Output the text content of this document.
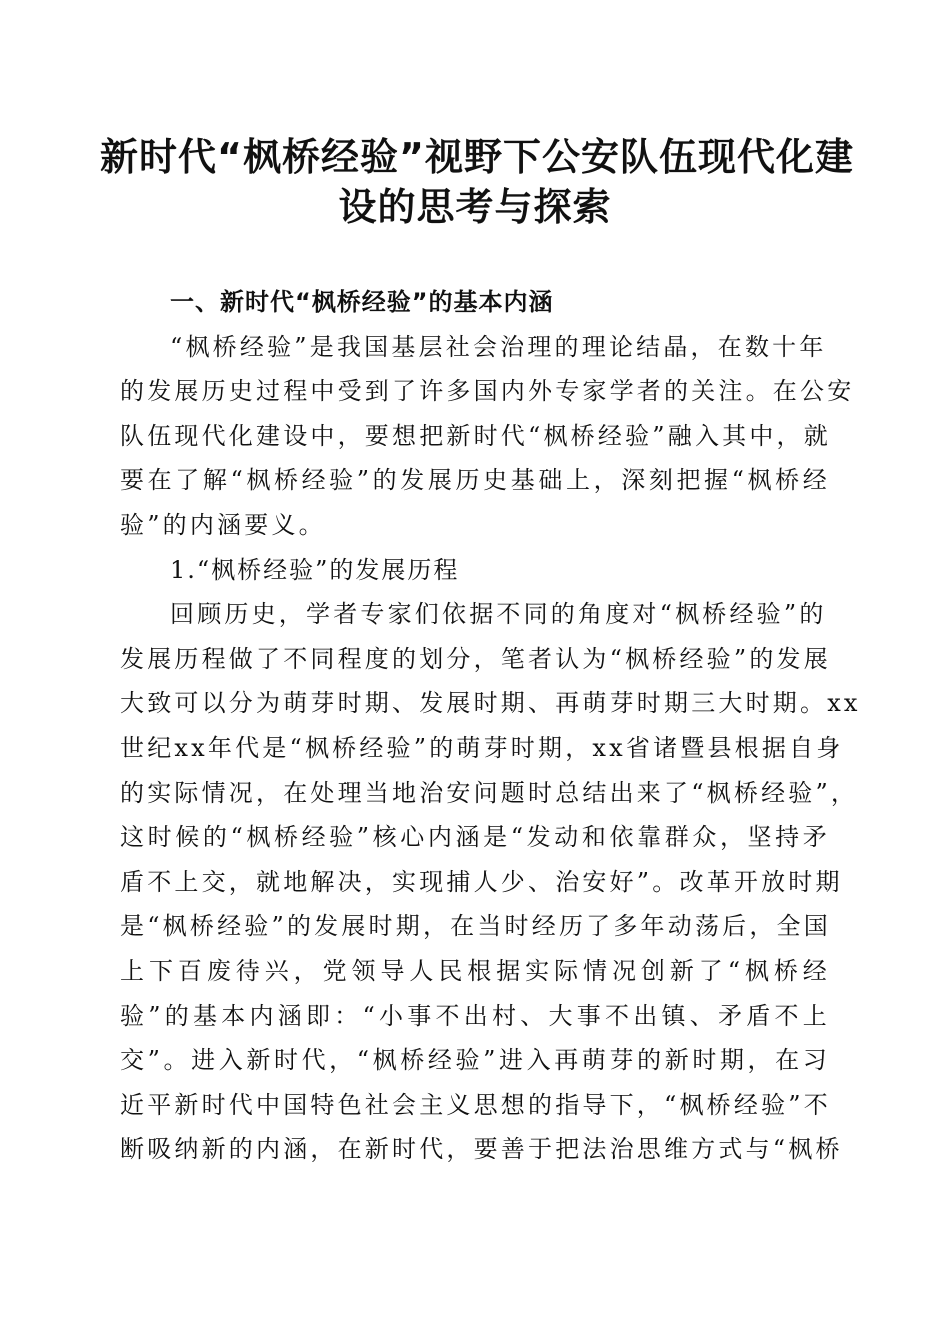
新时代“枫桥经验”视野下公安队伍现代化建
设的思考与探索
一、新时代“枫桥经验”的基本内涵
“枫桥经验”是我国基层社会治理的理论结晶，在数十年
的发展历史过程中受到了许多国内外专家学者的关注。在公安
队伍现代化建设中，要想把新时代“枫桥经验”融入其中，就
要在了解“枫桥经验”的发展历史基础上，深刻把握“枫桥经
验”的内涵要义。
1.“枫桥经验”的发展历程
回顾历史，学者专家们依据不同的角度对“枫桥经验”的
发展历程做了不同程度的划分，笔者认为“枫桥经验”的发展
大致可以分为萌芽时期、发展时期、再萌芽时期三大时期。xx
世纪xx年代是“枫桥经验”的萌芽时期，xx省诸暨县根据自身
的实际情况，在处理当地治安问题时总结出来了“枫桥经验”，
这时候的“枫桥经验”核心内涵是“发动和依靠群众，坚持矛
盾不上交，就地解决，实现捕人少、治安好”。改革开放时期
是“枫桥经验”的发展时期，在当时经历了多年动荡后，全国
上下百废待兴，党领导人民根据实际情况创新了“枫桥经
验”的基本内涵即：“小事不出村、大事不出镇、矛盾不上
交”。进入新时代，“枫桥经验”进入再萌芽的新时期，在习
近平新时代中国特色社会主义思想的指导下，“枫桥经验”不
断吸纳新的内涵，在新时代，要善于把法治思维方式与“枫桥
